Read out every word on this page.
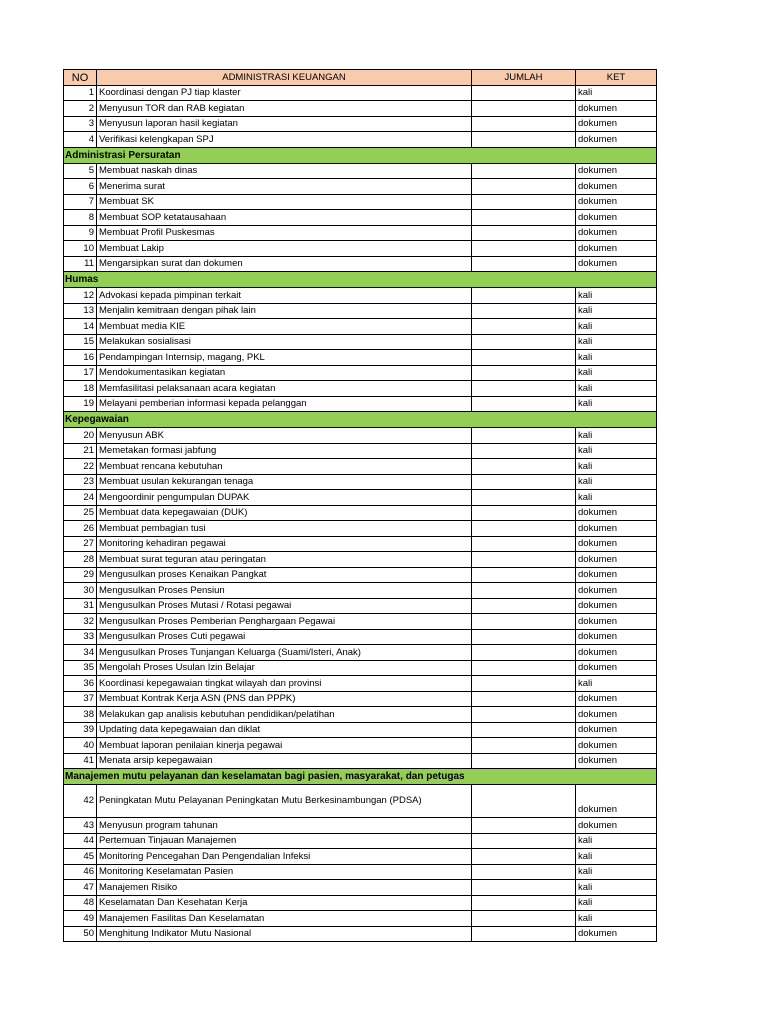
NO	ADMINISTRASI KEUANGAN	JUMLAH	KET
1	Koordinasi dengan PJ tiap klaster		kali
2	Menyusun TOR dan RAB kegiatan		dokumen
3	Menyusun laporan hasil kegiatan		dokumen
4	Verifikasi kelengkapan SPJ		dokumen
Administrasi Persuratan			
5	Membuat naskah dinas		dokumen
6	Menerima surat		dokumen
7	Membuat SK		dokumen
8	Membuat SOP ketatausahaan		dokumen
9	Membuat Profil Puskesmas		dokumen
10	Membuat Lakip		dokumen
11	Mengarsipkan surat dan dokumen		dokumen
Humas			
12	Advokasi kepada pimpinan terkait		kali
13	Menjalin kemitraan dengan pihak lain		kali
14	Membuat media KIE		kali
15	Melakukan sosialisasi		kali
16	Pendampingan Internsip, magang, PKL		kali
17	Mendokumentasikan kegiatan		kali
18	Memfasilitasi pelaksanaan acara kegiatan		kali
19	Melayani pemberian informasi kepada pelanggan		kali
Kepegawaian			
20	Menyusun ABK		kali
21	Memetakan formasi jabfung		kali
22	Membuat rencana kebutuhan		kali
23	Membuat usulan kekurangan tenaga		kali
24	Mengoordinir pengumpulan DUPAK		kali
25	Membuat data kepegawaian (DUK)		dokumen
26	Membuat pembagian tusi		dokumen
27	Monitoring kehadiran pegawai		dokumen
28	Membuat surat teguran atau peringatan		dokumen
29	Mengusulkan proses Kenaikan Pangkat		dokumen
30	Mengusulkan Proses Pensiun		dokumen
31	Mengusulkan Proses Mutasi / Rotasi pegawai		dokumen
32	Mengusulkan Proses Pemberian Penghargaan Pegawai		dokumen
33	Mengusulkan Proses Cuti pegawai		dokumen
34	Mengusulkan Proses Tunjangan Keluarga (Suami/Isteri, Anak)		dokumen
35	Mengolah Proses Usulan Izin Belajar		dokumen
36	Koordinasi kepegawaian tingkat wilayah dan provinsi		kali
37	Membuat Kontrak Kerja ASN (PNS dan PPPK)		dokumen
38	Melakukan gap analisis kebutuhan pendidikan/pelatihan		dokumen
39	Updating data kepegawaian dan diklat		dokumen
40	Membuat laporan penilaian kinerja pegawai		dokumen
41	Menata arsip kepegawaian		dokumen
Manajemen mutu pelayanan dan keselamatan bagi pasien, masyarakat, dan petugas			
42	Peningkatan Mutu Pelayanan Peningkatan Mutu Berkesinambungan (PDSA)		dokumen
43	Menyusun program tahunan		dokumen
44	Pertemuan Tinjauan Manajemen		kali
45	Monitoring Pencegahan Dan Pengendalian Infeksi		kali
46	Monitoring Keselamatan Pasien		kali
47	Manajemen Risiko		kali
48	Keselamatan Dan Kesehatan Kerja		kali
49	Manajemen Fasilitas Dan Keselamatan		kali
50	Menghitung Indikator Mutu Nasional		dokumen
